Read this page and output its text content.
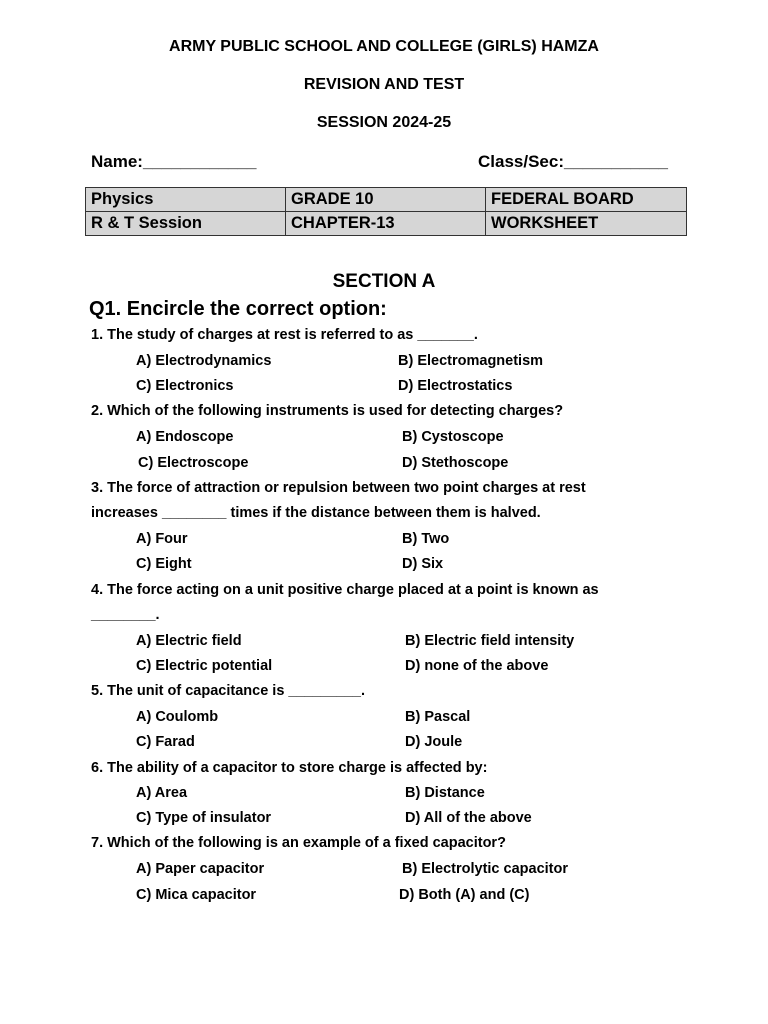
ARMY PUBLIC SCHOOL AND COLLEGE (GIRLS) HAMZA
REVISION AND TEST
SESSION 2024-25
Name:____________	Class/Sec:___________
Physics	GRADE 10	FEDERAL BOARD
R & T Session	CHAPTER-13	WORKSHEET
SECTION A
Q1. Encircle the correct option:
1. The study of charges at rest is referred to as _______.
A) Electrodynamics	B) Electromagnetism
C) Electronics	D) Electrostatics
2. Which of the following instruments is used for detecting charges?
A) Endoscope	B) Cystoscope
C) Electroscope	D) Stethoscope
3. The force of attraction or repulsion between two point charges at rest
increases ________ times if the distance between them is halved.
A) Four	B) Two
C) Eight	D) Six
4. The force acting on a unit positive charge placed at a point is known as
________.
A) Electric field	B) Electric field intensity
C) Electric potential	D) none of the above
5. The unit of capacitance is _________.
A) Coulomb	B) Pascal
C) Farad	D) Joule
6. The ability of a capacitor to store charge is affected by:
A) Area	B) Distance
C) Type of insulator	D) All of the above
7. Which of the following is an example of a fixed capacitor?
A) Paper capacitor	B) Electrolytic capacitor
C) Mica capacitor	D) Both (A) and (C)
